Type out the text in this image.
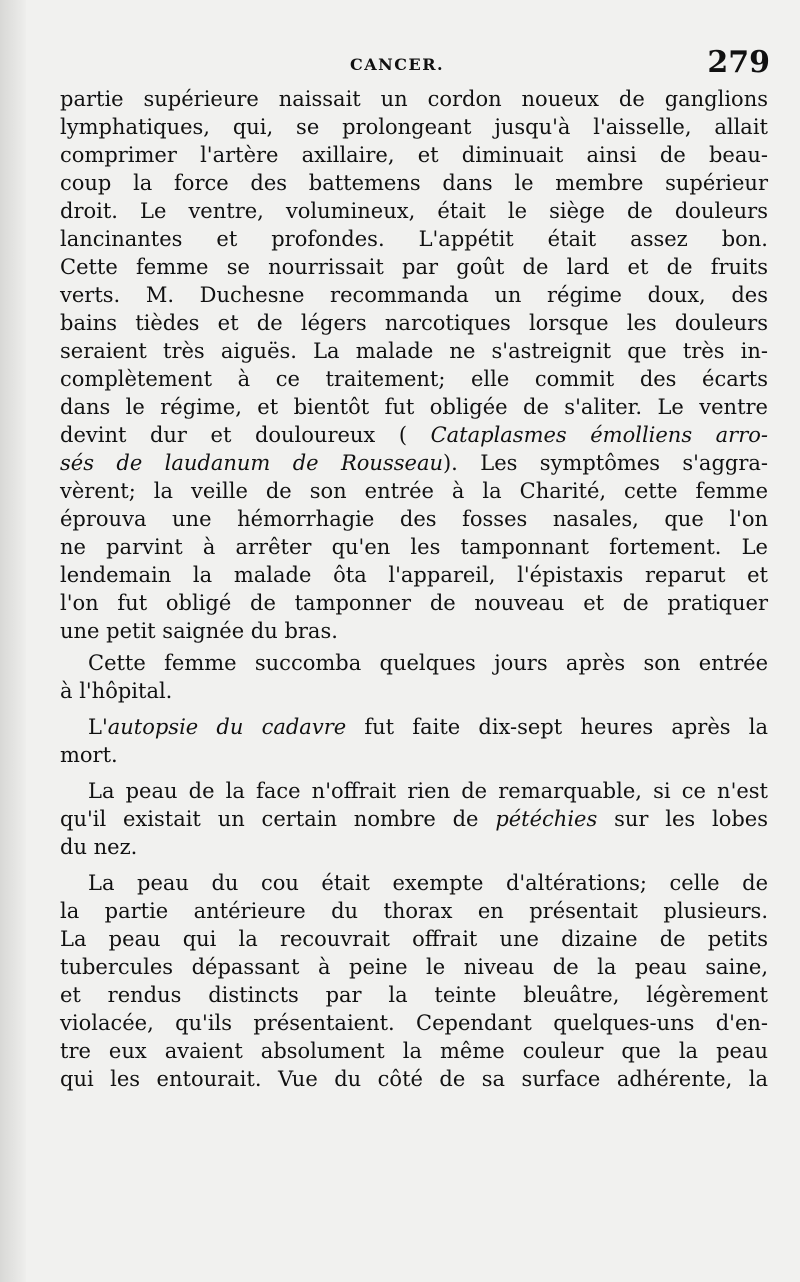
CANCER.	279
partie supérieure naissait un cordon noueux de ganglions
lymphatiques, qui, se prolongeant jusqu'à l'aisselle, allait
comprimer l'artère axillaire, et diminuait ainsi de beau-
coup la force des battemens dans le membre supérieur
droit. Le ventre, volumineux, était le siège de douleurs
lancinantes et profondes. L'appétit était assez bon.
Cette femme se nourrissait par goût de lard et de fruits
verts. M. Duchesne recommanda un régime doux, des
bains tièdes et de légers narcotiques lorsque les douleurs
seraient très aiguës. La malade ne s'astreignit que très in-
complètement à ce traitement; elle commit des écarts
dans le régime, et bientôt fut obligée de s'aliter. Le ventre
devint dur et douloureux ( Cataplasmes émolliens arro-
sés de laudanum de Rousseau). Les symptômes s'aggra-
vèrent; la veille de son entrée à la Charité, cette femme
éprouva une hémorrhagie des fosses nasales, que l'on
ne parvint à arrêter qu'en les tamponnant fortement. Le
lendemain la malade ôta l'appareil, l'épistaxis reparut et
l'on fut obligé de tamponner de nouveau et de pratiquer
une petit saignée du bras.
Cette femme succomba quelques jours après son entrée
à l'hôpital.
L'autopsie du cadavre fut faite dix-sept heures après la
mort.
La peau de la face n'offrait rien de remarquable, si ce n'est
qu'il existait un certain nombre de pétéchies sur les lobes
du nez.
La peau du cou était exempte d'altérations; celle de
la partie antérieure du thorax en présentait plusieurs.
La peau qui la recouvrait offrait une dizaine de petits
tubercules dépassant à peine le niveau de la peau saine,
et rendus distincts par la teinte bleuâtre, légèrement
violacée, qu'ils présentaient. Cependant quelques-uns d'en-
tre eux avaient absolument la même couleur que la peau
qui les entourait. Vue du côté de sa surface adhérente, la
